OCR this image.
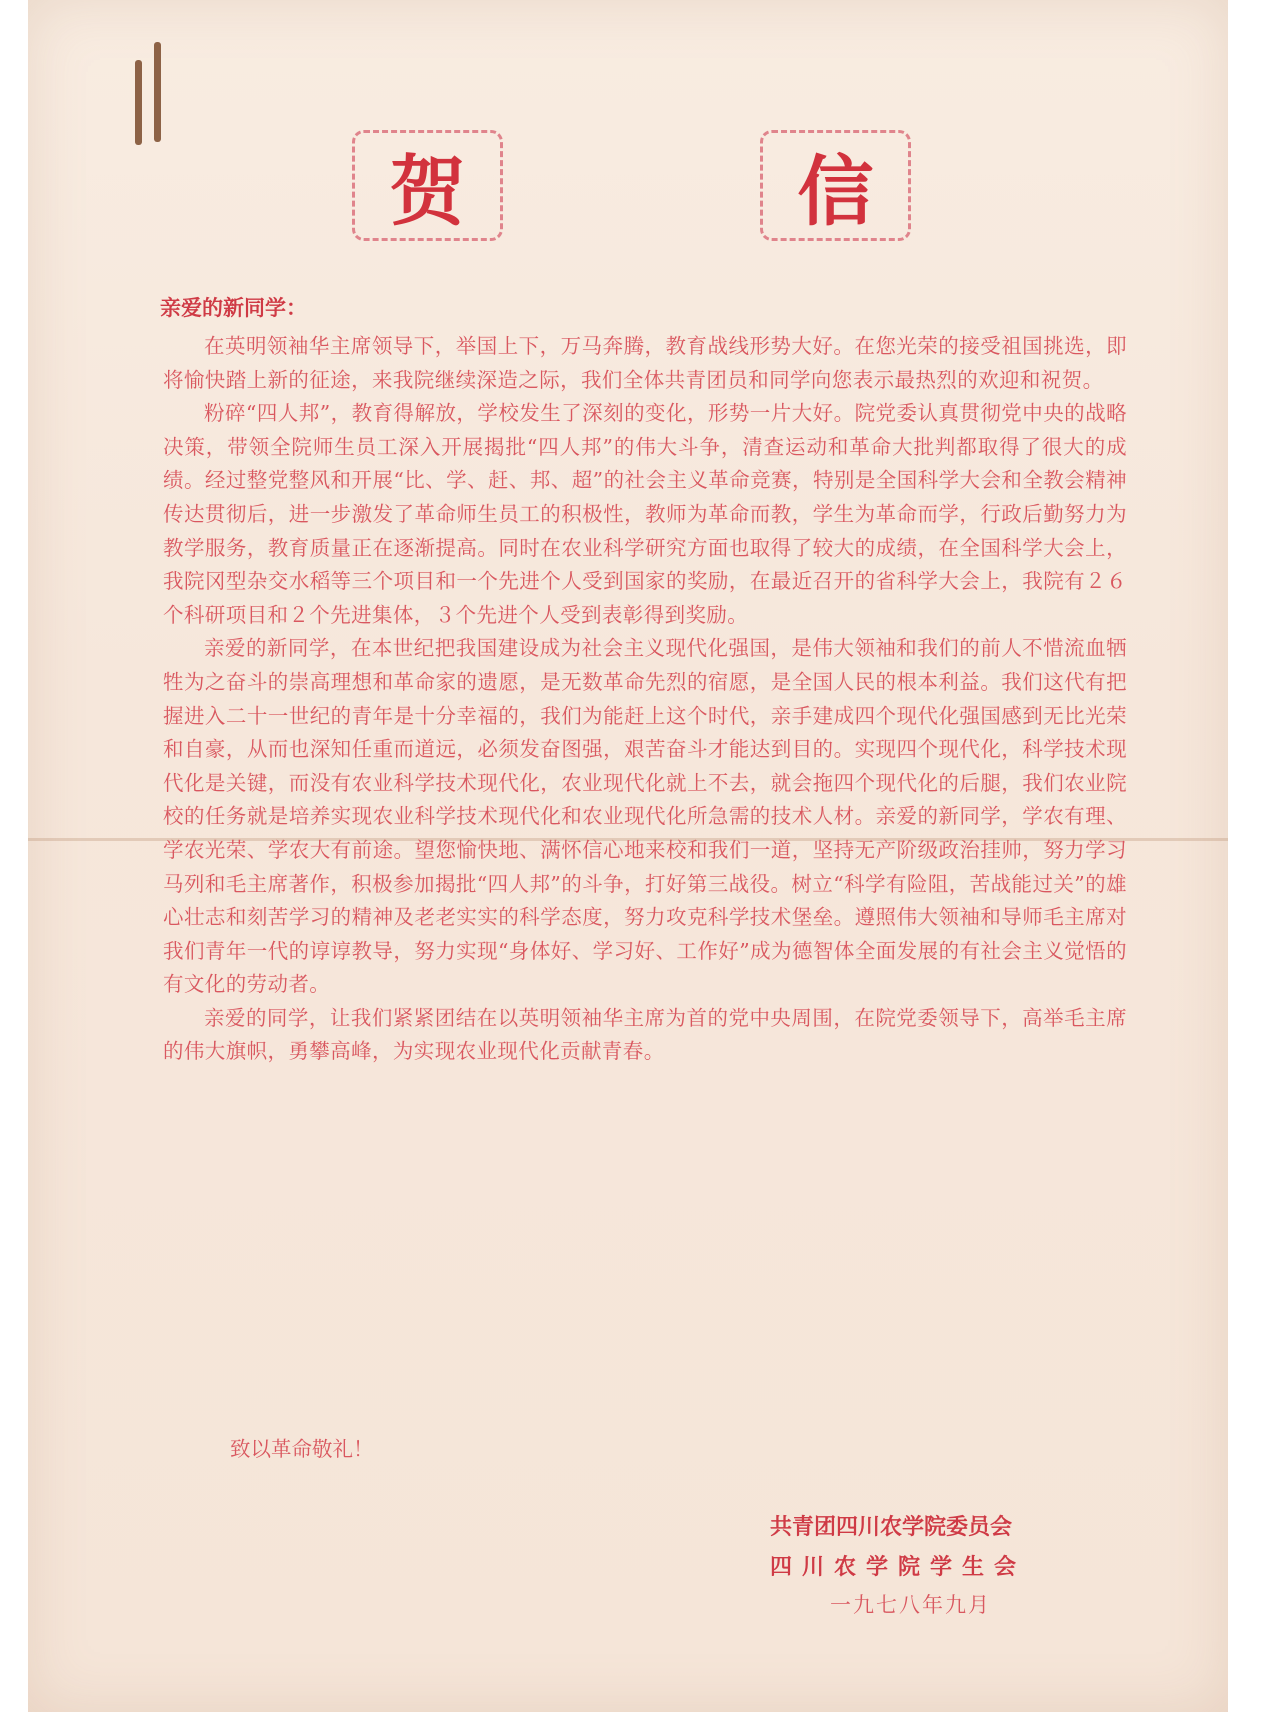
贺	信
亲爱的新同学：

在英明领袖华主席领导下，举国上下，万马奔腾，教育战线形势大好。在您光荣的接受祖国挑选，即将愉快踏上新的征途，来我院继续深造之际，我们全体共青团员和同学向您表示最热烈的欢迎和祝贺。

粉碎“四人邦”，教育得解放，学校发生了深刻的变化，形势一片大好。院党委认真贯彻党中央的战略决策，带领全院师生员工深入开展揭批“四人邦”的伟大斗争，清查运动和革命大批判都取得了很大的成绩。经过整党整风和开展“比、学、赶、邦、超”的社会主义革命竞赛，特别是全国科学大会和全教会精神传达贯彻后，进一步激发了革命师生员工的积极性，教师为革命而教，学生为革命而学，行政后勤努力为教学服务，教育质量正在逐渐提高。同时在农业科学研究方面也取得了较大的成绩，在全国科学大会上，我院冈型杂交水稻等三个项目和一个先进个人受到国家的奖励，在最近召开的省科学大会上，我院有２６个科研项目和２个先进集体，３个先进个人受到表彰得到奖励。

亲爱的新同学，在本世纪把我国建设成为社会主义现代化强国，是伟大领袖和我们的前人不惜流血牺牲为之奋斗的崇高理想和革命家的遗愿，是无数革命先烈的宿愿，是全国人民的根本利益。我们这代有把握进入二十一世纪的青年是十分幸福的，我们为能赶上这个时代，亲手建成四个现代化强国感到无比光荣和自豪，从而也深知任重而道远，必须发奋图强，艰苦奋斗才能达到目的。实现四个现代化，科学技术现代化是关键，而没有农业科学技术现代化，农业现代化就上不去，就会拖四个现代化的后腿，我们农业院校的任务就是培养实现农业科学技术现代化和农业现代化所急需的技术人材。亲爱的新同学，学农有理、学农光荣、学农大有前途。望您愉快地、满怀信心地来校和我们一道，坚持无产阶级政治挂帅，努力学习马列和毛主席著作，积极参加揭批“四人邦”的斗争，打好第三战役。树立“科学有险阻，苦战能过关”的雄心壮志和刻苦学习的精神及老老实实的科学态度，努力攻克科学技术堡垒。遵照伟大领袖和导师毛主席对我们青年一代的谆谆教导，努力实现“身体好、学习好、工作好”成为德智体全面发展的有社会主义觉悟的有文化的劳动者。

亲爱的同学，让我们紧紧团结在以英明领袖华主席为首的党中央周围，在院党委领导下，高举毛主席的伟大旗帜，勇攀高峰，为实现农业现代化贡献青春。

致以革命敬礼！
共青团四川农学院委员会
四川农学院学生会
一九七八年九月
